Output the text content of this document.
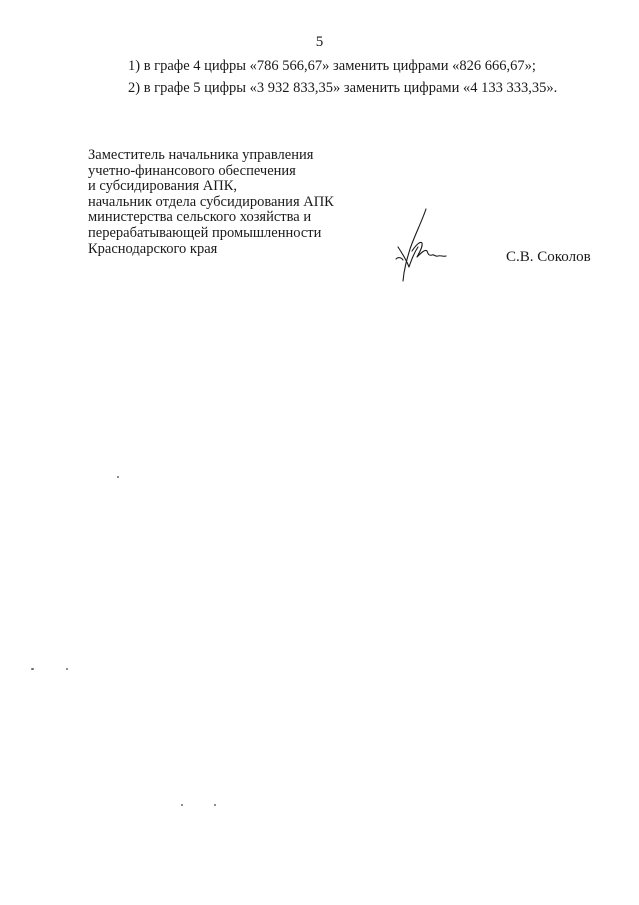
5
1) в графе 4 цифры «786 566,67» заменить цифрами «826 666,67»;
2) в графе 5 цифры «3 932 833,35» заменить цифрами «4 133 333,35».
Заместитель начальника управления
учетно-финансового обеспечения
и субсидирования АПК,
начальник отдела субсидирования АПК
министерства сельского хозяйства и
перерабатывающей промышленности
Краснодарского края
С.В. Соколов
